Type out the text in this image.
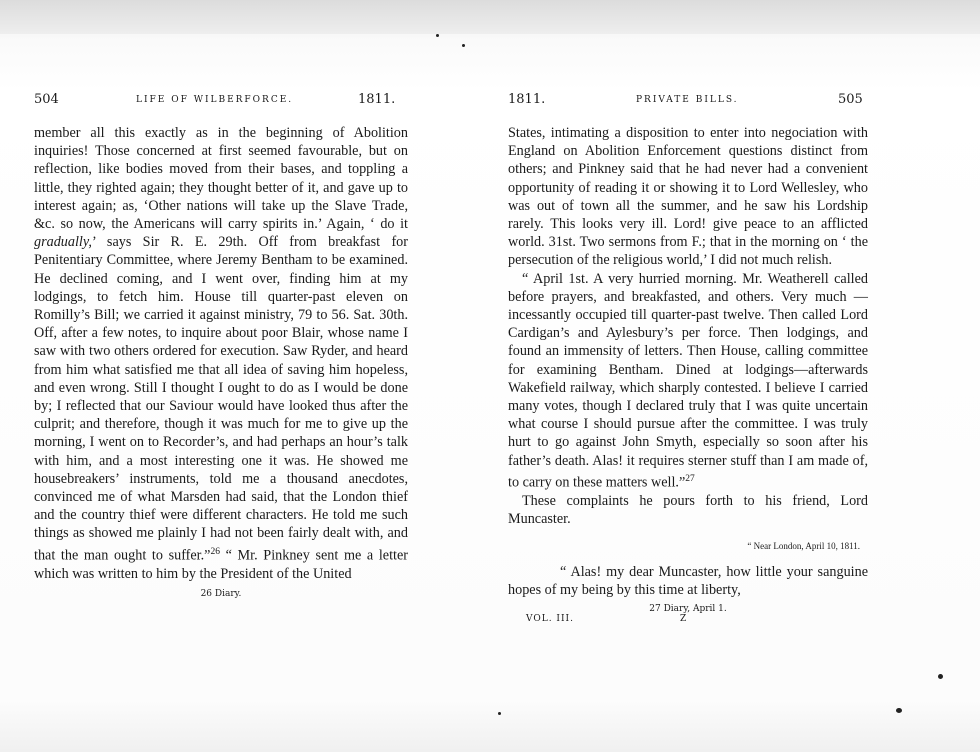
504	LIFE OF WILBERFORCE.	1811.

member all this exactly as in the beginning of Abolition inquiries! Those concerned at first seemed favourable, but on reflection, like bodies moved from their bases, and toppling a little, they righted again; they thought better of it, and gave up to interest again; as, ‘Other nations will take up the Slave Trade, &c. so now, the Americans will carry spirits in.’ Again, ‘ do it gradually,’ says Sir R. E. 29th. Off from breakfast for Penitentiary Committee, where Jeremy Bentham to be examined. He declined coming, and I went over, finding him at my lodgings, to fetch him. House till quarter-past eleven on Romilly’s Bill; we carried it against ministry, 79 to 56. Sat. 30th. Off, after a few notes, to inquire about poor Blair, whose name I saw with two others ordered for execution. Saw Ryder, and heard from him what satisfied me that all idea of saving him hopeless, and even wrong. Still I thought I ought to do as I would be done by; I reflected that our Saviour would have looked thus after the culprit; and therefore, though it was much for me to give up the morning, I went on to Recorder’s, and had perhaps an hour’s talk with him, and a most interesting one it was. He showed me housebreakers’ instruments, told me a thousand anecdotes, convinced me of what Marsden had said, that the London thief and the country thief were different characters. He told me such things as showed me plainly I had not been fairly dealt with, and that the man ought to suffer.”$^{26}$ “ Mr. Pinkney sent me a letter which was written to him by the President of the United

26 Diary.
1811.	PRIVATE BILLS.	505

States, intimating a disposition to enter into negociation with England on Abolition Enforcement questions distinct from others; and Pinkney said that he had never had a convenient opportunity of reading it or showing it to Lord Wellesley, who was out of town all the summer, and he saw his Lordship rarely. This looks very ill. Lord! give peace to an afflicted world. 31st. Two sermons from F.; that in the morning on ‘ the persecution of the religious world,’ I did not much relish.

“ April 1st. A very hurried morning. Mr. Weatherell called before prayers, and breakfasted, and others. Very much — incessantly occupied till quarter-past twelve. Then called Lord Cardigan’s and Aylesbury’s per force. Then lodgings, and found an immensity of letters. Then House, calling committee for examining Bentham. Dined at lodgings—afterwards Wakefield railway, which sharply contested. I believe I carried many votes, though I declared truly that I was quite uncertain what course I should pursue after the committee. I was truly hurt to go against John Smyth, especially so soon after his father’s death. Alas! it requires sterner stuff than I am made of, to carry on these matters well.”$^{27}$

These complaints he pours forth to his friend, Lord Muncaster.

“ Near London, April 10, 1811.
“ Alas! my dear Muncaster, how little your sanguine hopes of my being by this time at liberty,
27 Diary, April 1.
VOL. III.	Z
